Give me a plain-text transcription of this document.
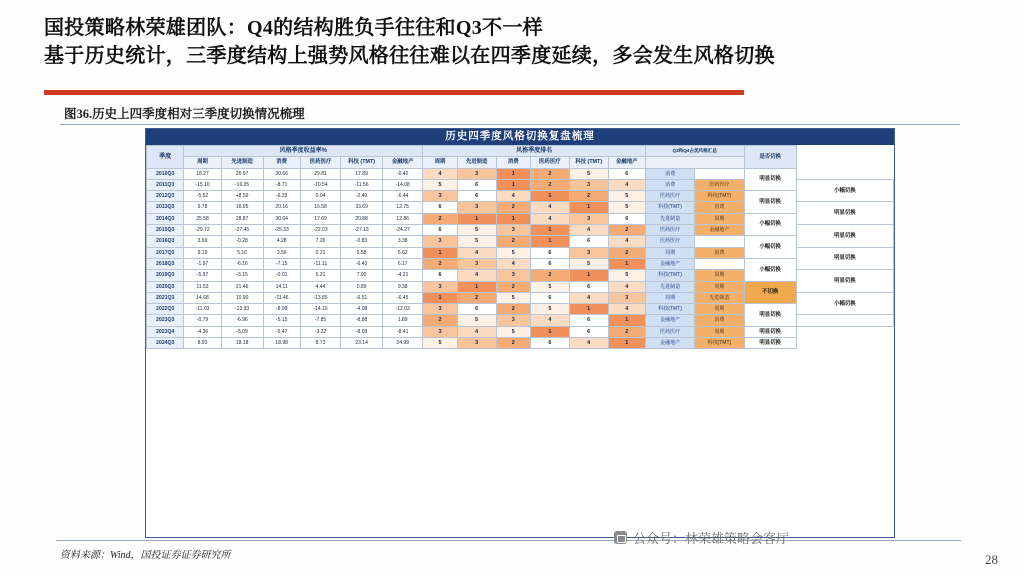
国投策略林荣雄团队：Q4的结构胜负手往往和Q3不一样
基于历史统计，三季度结构上强势风格往往难以在四季度延续，多会发生风格切换
图36.历史上四季度相对三季度切换情况梳理
历史四季度风格切换复盘梳理
季度	风格季度收益率%						风格季度排名						Q3和Q4占优风格汇总		是否切换	
	周期	先进制造	消费	医药医疗	科技 (TMT)	金融地产	周期	先进制造	消费	医药医疗	科技 (TMT)	金融地产				
2010Q3	18.27	26.97	30.66	29.81	17.89	-0.42	4	3	1	2	5	6	消费		明显切换	
2011Q3	-15.10	-16.35	-8.71	-10.54	-11.56	-14.08	5	6	1	2	3	4	消费	医药医疗		小幅切换
2012Q3	-5.52	+8.59	-6.33	0.04	-2.40	-6.44	3	6	4	1	2	5	医药医疗	科技(TMT)	明显切换	
2013Q3	9.78	16.95	20.16	16.58	33.69	12.75	6	3	2	4	1	5	科技(TMT)	消费		明显切换
2014Q3	25.58	28.87	30.64	17.69	20.88	12.86	2	1	1	4	3	6	先进制造	周期	小幅切换	
2015Q3	-29.72	-27.45	-25.33	-22.03	-27.13	-24.27	6	5	3	1	4	2	医药医疗	金融地产		明显切换
2016Q3	3.69	-0.28	4.28	7.26	-0.83	3.38	3	5	2	1	6	4	医药医疗		小幅切换	
2017Q3	9.19	5.16	3.56	0.21	5.58	5.62	1	4	5	6	3	2	周期	消费		明显切换
2018Q3	-1.97	-6.16	-7.15	-11.11	-6.43	6.17	2	3	4	6	5	1	金融地产		小幅切换	
2019Q3	-5.97	-3.15	-0.01	5.21	7.90	-4.21	6	4	3	2	1	5	科技(TMT)	周期		明显切换
2020Q3	11.53	21.46	14.11	4.44	0.89	9.38	3	1	2	5	6	4	先进制造	周期	不切换	
2021Q3	14.68	10.90	-11.46	-13.85	-6.51	-6.45	1	2	5	6	4	3	周期	先进制造		小幅切换
2022Q3	-11.03	-13.93	-8.99	-14.16	-4.08	-12.03	3	6	2	5	1	4	科技(TMT)	周期	明显切换	
2023Q3	-0.79	-6.96	-5.15	-7.85	-8.88	1.89	2	5	3	4	6	1	金融地产	消费		
2023Q4	-4.36	-5.09	-5.47	-3.22	-8.09	-8.41	3	4	5	1	6	2	医药医疗	周期	明显切换	
2024Q3	8.93	18.18	18.98	8.73	23.14	24.99	5	3	2	6	4	1	金融地产	科技(TMT)	明显切换	
资料来源：Wind，国投证券证券研究所
公众号：林荣雄策略会客厅
28
